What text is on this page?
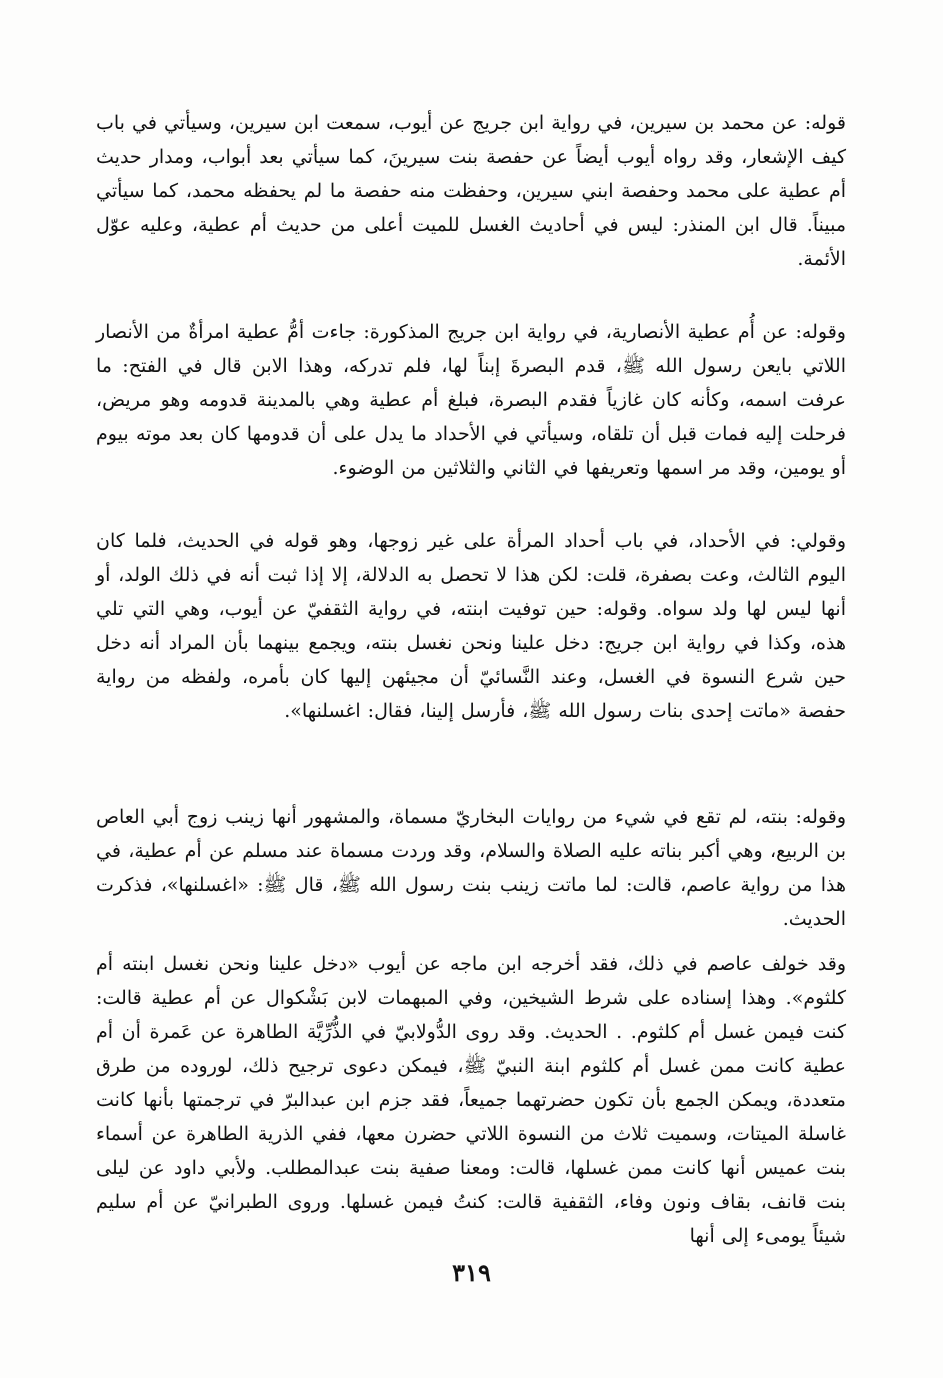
قوله: عن محمد بن سيرين، في رواية ابن جريج عن أيوب، سمعت ابن سيرين، وسيأتي في باب كيف الإشعار، وقد رواه أيوب أيضاً عن حفصة بنت سيرينَ، كما سيأتي بعد أبواب، ومدار حديث أم عطية على محمد وحفصة ابني سيرين، وحفظت منه حفصة ما لم يحفظه محمد، كما سيأتي مبيناً. قال ابن المنذر: ليس في أحاديث الغسل للميت أعلى من حديث أم عطية، وعليه عوّل الأئمة.

وقوله: عن أُم عطية الأنصارية، في رواية ابن جريج المذكورة: جاءت أمُّ عطية امرأةٌ من الأنصار اللاتي بايعن رسول الله ﷺ، قدم البصرةَ إبناً لها، فلم تدركه، وهذا الابن قال في الفتح: ما عرفت اسمه، وكأنه كان غازياً فقدم البصرة، فبلغ أم عطية وهي بالمدينة قدومه وهو مريض، فرحلت إليه فمات قبل أن تلقاه، وسيأتي في الأحداد ما يدل على أن قدومها كان بعد موته بيوم أو يومين، وقد مر اسمها وتعريفها في الثاني والثلاثين من الوضوء.

وقولي: في الأحداد، في باب أحداد المرأة على غير زوجها، وهو قوله في الحديث، فلما كان اليوم الثالث، وعت بصفرة، قلت: لكن هذا لا تحصل به الدلالة، إلا إذا ثبت أنه في ذلك الولد، أو أنها ليس لها ولد سواه. وقوله: حين توفيت ابنته، في رواية الثقفيّ عن أيوب، وهي التي تلي هذه، وكذا في رواية ابن جريج: دخل علينا ونحن نغسل بنته، ويجمع بينهما بأن المراد أنه دخل حين شرع النسوة في الغسل، وعند النَّسائيّ أن مجيئهن إليها كان بأمره، ولفظه من رواية حفصة «ماتت إحدى بنات رسول الله ﷺ، فأرسل إلينا، فقال: اغسلنها».

وقوله: بنته، لم تقع في شيء من روايات البخاريّ مسماة، والمشهور أنها زينب زوج أبي العاص بن الربيع، وهي أكبر بناته عليه الصلاة والسلام، وقد وردت مسماة عند مسلم عن أم عطية، في هذا من رواية عاصم، قالت: لما ماتت زينب بنت رسول الله ﷺ، قال ﷺ: «اغسلنها»، فذكرت الحديث.

وقد خولف عاصم في ذلك، فقد أخرجه ابن ماجه عن أيوب «دخل علينا ونحن نغسل ابنته أم كلثوم». وهذا إسناده على شرط الشيخين، وفي المبهمات لابن بَشْكوال عن أم عطية قالت: كنت فيمن غسل أم كلثوم. . الحديث. وقد روى الدُّولابيّ في الذُّرِّيَّة الطاهرة عن عَمرة أن أم عطية كانت ممن غسل أم كلثوم ابنة النبيّ ﷺ، فيمكن دعوى ترجيح ذلك، لوروده من طرق متعددة، ويمكن الجمع بأن تكون حضرتهما جميعاً، فقد جزم ابن عبدالبرّ في ترجمتها بأنها كانت غاسلة الميتات، وسميت ثلاث من النسوة اللاتي حضرن معها، ففي الذرية الطاهرة عن أسماء بنت عميس أنها كانت ممن غسلها، قالت: ومعنا صفية بنت عبدالمطلب. ولأبي داود عن ليلى بنت قانف، بقاف ونون وفاء، الثقفية قالت: كنتُ فيمن غسلها. وروى الطبرانيّ عن أم سليم شيئاً يومىء إلى أنها

٣١٩
